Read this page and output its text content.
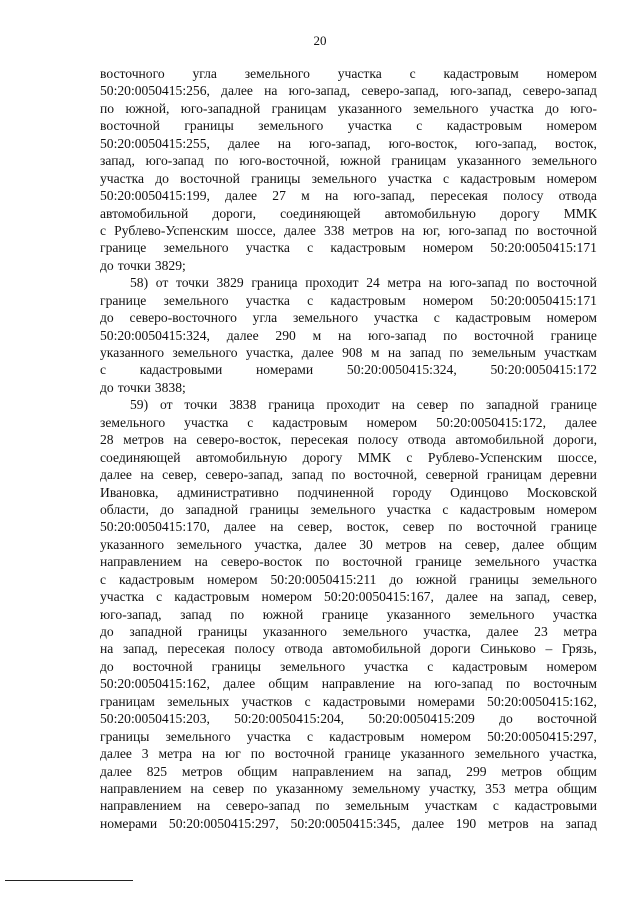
20
восточного угла земельного участка с кадастровым номером
50:20:0050415:256, далее на юго-запад, северо-запад, юго-запад, северо-запад
по южной, юго-западной границам указанного земельного участка до юго-
восточной границы земельного участка с кадастровым номером
50:20:0050415:255, далее на юго-запад, юго-восток, юго-запад, восток,
запад, юго-запад по юго-восточной, южной границам указанного земельного
участка до восточной границы земельного участка с кадастровым номером
50:20:0050415:199, далее 27 м на юго-запад, пересекая полосу отвода
автомобильной дороги, соединяющей автомобильную дорогу ММК
с Рублево-Успенским шоссе, далее 338 метров на юг, юго-запад по восточной
границе земельного участка с кадастровым номером 50:20:0050415:171
до точки 3829;
58) от точки 3829 граница проходит 24 метра на юго-запад по восточной
границе земельного участка с кадастровым номером 50:20:0050415:171
до северо-восточного угла земельного участка с кадастровым номером
50:20:0050415:324, далее 290 м на юго-запад по восточной границе
указанного земельного участка, далее 908 м на запад по земельным участкам
с кадастровыми номерами 50:20:0050415:324, 50:20:0050415:172
до точки 3838;
59) от точки 3838 граница проходит на север по западной границе
земельного участка с кадастровым номером 50:20:0050415:172, далее
28 метров на северо-восток, пересекая полосу отвода автомобильной дороги,
соединяющей автомобильную дорогу ММК с Рублево-Успенским шоссе,
далее на север, северо-запад, запад по восточной, северной границам деревни
Ивановка, административно подчиненной городу Одинцово Московской
области, до западной границы земельного участка с кадастровым номером
50:20:0050415:170, далее на север, восток, север по восточной границе
указанного земельного участка, далее 30 метров на север, далее общим
направлением на северо-восток по восточной границе земельного участка
с кадастровым номером 50:20:0050415:211 до южной границы земельного
участка с кадастровым номером 50:20:0050415:167, далее на запад, север,
юго-запад, запад по южной границе указанного земельного участка
до западной границы указанного земельного участка, далее 23 метра
на запад, пересекая полосу отвода автомобильной дороги Синьково – Грязь,
до восточной границы земельного участка с кадастровым номером
50:20:0050415:162, далее общим направление на юго-запад по восточным
границам земельных участков с кадастровыми номерами 50:20:0050415:162,
50:20:0050415:203, 50:20:0050415:204, 50:20:0050415:209 до восточной
границы земельного участка с кадастровым номером 50:20:0050415:297,
далее 3 метра на юг по восточной границе указанного земельного участка,
далее 825 метров общим направлением на запад, 299 метров общим
направлением на север по указанному земельному участку, 353 метра общим
направлением на северо-запад по земельным участкам с кадастровыми
номерами 50:20:0050415:297, 50:20:0050415:345, далее 190 метров на запад
